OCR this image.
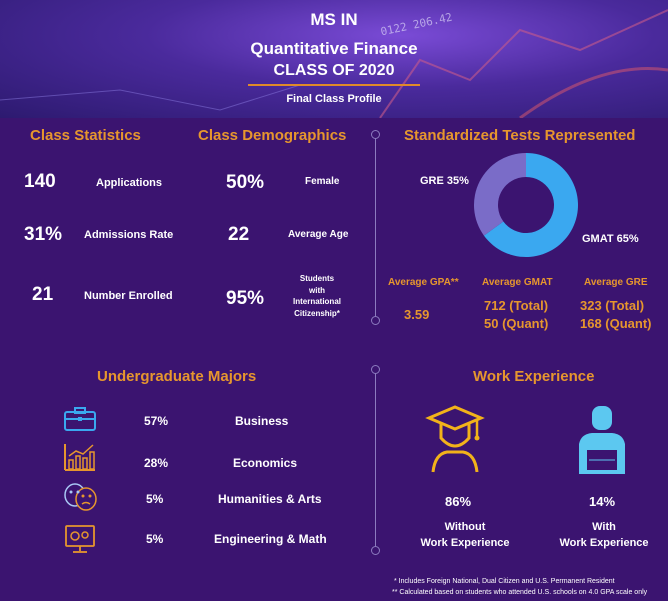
0122 206.42
MS IN
Quantitative Finance
CLASS OF 2020
Final Class Profile
Class Statistics
140	Applications
31% Admissions Rate
21	Number Enrolled
Class Demographics
50%	Female
22	Average Age
95%
Students
with
International
Citizenship*
Standardized Tests Represented
GRE 35%
GMAT 65%
Average GPA**
3.59
Average GMAT
712 (Total)
50 (Quant)
Average GRE
323 (Total)
168 (Quant)
Undergraduate Majors
57%	Business
28%	Economics
5%	Humanities & Arts
5%	Engineering & Math
Work Experience
86%
Without
Work Experience
14%
With
Work Experience
* Includes Foreign National, Dual Citizen and U.S. Permanent Resident
** Calculated based on students who attended U.S. schools on 4.0 GPA scale only
